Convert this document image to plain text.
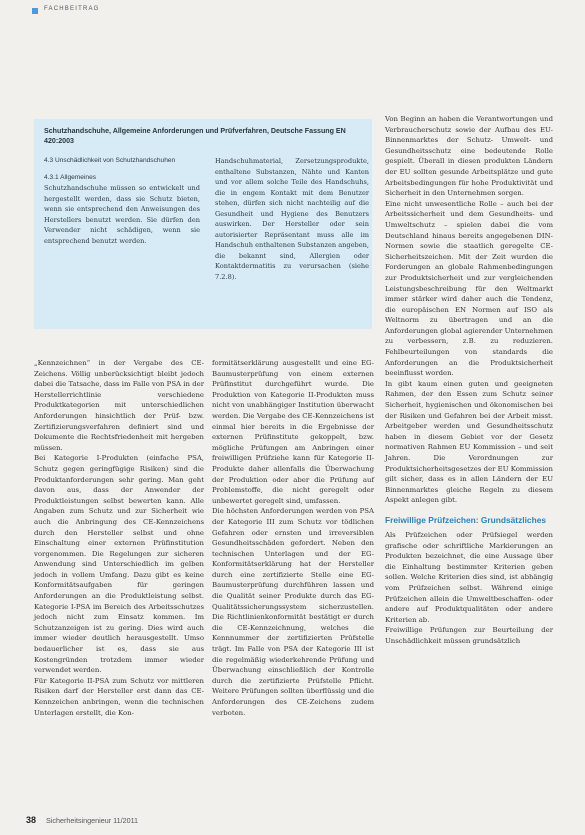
FACHBEITRAG
Schutzhandschuhe, Allgemeine Anforderungen und Prüfverfahren, Deutsche Fassung EN 420:2003
4.3 Unschädlichkeit von Schutzhandschuhen
4.3.1 Allgemeines

Schutzhandschuhe müssen so entwickelt und hergestellt werden, dass sie Schutz bieten, wenn sie entsprechend den Anweisungen des Herstellers benutzt werden. Sie dürfen den Verwender nicht schädigen, wenn sie entsprechend benutzt werden.

Handschuhmaterial, Zersetzungsprodukte, enthaltene Substanzen, Nähte und Kanten und vor allem solche Teile des Handschuhs, die in engem Kontakt mit dem Benutzer stehen, dürfen sich nicht nachteilig auf die Gesundheit und Hygiene des Benutzers auswirken. Der Hersteller oder sein autorisierter Repräsentant muss alle im Handschuh enthaltenen Substanzen angeben, die bekannt sind, Allergien oder Kontaktdermatitis zu verursachen (siehe 7.2.8).

„Kennzeichnen“ in der Vergabe des CE-Zeichens. Völlig unberücksichtigt bleibt jedoch dabei die Tatsache, dass im Falle von PSA in der Herstellerrichtlinie verschiedene Produktkategorien mit unterschiedlichen Anforderungen hinsichtlich der Prüf- bzw. Zertifizierungsverfahren definiert sind und Dokumente die Rechtsfriedenheit mit hergeben müssen.

Bei Kategorie I-Produkten (einfache PSA, Schutz gegen geringfügige Risiken) sind die Produktanforderungen sehr gering. Man geht davon aus, dass der Anwender der Produktleistungen selbst bewerten kann. Alle Angaben zum Schutz und zur Sicherheit wie auch die Anbringung des CE-Kennzeichens durch den Hersteller selbst und ohne Einschaltung einer externen Prüfinstitution vorgenommen. Die Regelungen zur sicheren Anwendung sind Unterschiedlich im gelben jedoch in vollem Umfang. Dazu gibt es keine Konformitätsaufgaben für geringen Anforderungen an die Produktleistung selbst. Kategorie I-PSA im Bereich des Arbeitsschutzes jedoch nicht zum Einsatz kommen. Im Schutzanzeigen ist zu gering. Dies wird auch immer wieder deutlich herausgestellt. Umso bedauerlicher ist es, dass sie aus Kostengründen trotzdem immer wieder verwendet werden.

Für Kategorie II-PSA zum Schutz vor mittleren Risiken darf der Hersteller erst dann das CE-Kennzeichen anbringen, wenn die technischen Unterlagen erstellt, die Kon-

formitätserklärung ausgestellt und eine EG-Baumusterprüfung von einem externen Prüfinstitut durchgeführt wurde. Die Produktion von Kategorie II-Produkten muss nicht von unabhängiger Institution überwacht werden. Die Vergabe des CE-Kennzeichens ist einmal hier bereits in die Ergebnisse der externen Prüfinstitute gekoppelt, bzw. mögliche Prüfungen am Anbringen einer freiwilligen Prüfziehe kann für Kategorie II-Produkte daher allenfalls die Überwachung der Produktion oder aber die Prüfung auf Problemstoffe, die nicht geregelt oder unbewertet geregelt sind, umfassen.

Die höchsten Anforderungen werden von PSA der Kategorie III zum Schutz vor tödlichen Gefahren oder ernsten und irreversiblen Gesundheitsschäden gefordert. Neben den technischen Unterlagen und der EG-Konformitätserklärung hat der Hersteller durch eine zertifizierte Stelle eine EG-Baumusterprüfung durchführen lassen und die Qualität seiner Produkte durch das EG-Qualitätssicherungssystem sicherzustellen. Die Richtlinienkonformität bestätigt er durch die CE-Kennzeichnung, welches die Kennnummer der zertifizierten Prüfstelle trägt. Im Falle von PSA der Kategorie III ist die regelmäßig wiederkehrende Prüfung und Überwachung einschließlich der Kontrolle durch die zertifizierte Prüfstelle Pflicht. Weitere Prüfungen sollten überflüssig und die Anforderungen des CE-Zeichens zudem verboten.

Von Beginn an haben die Verantwortungen und Verbraucherschutz sowie der Aufbau des EU-Binnenmarktes der Schutz- Umwelt- und Gesundheitsschutz eine bedeutende Rolle gespielt. Überall in diesen produkten Ländern der EU sollten gesunde Arbeitsplätze und gute Arbeitsbedingungen für hohe Produktivität und Sicherheit in den Unternehmen sorgen.

Eine nicht unwesentliche Rolle – auch bei der Arbeitssicherheit und dem Gesundheits- und Umweltschutz – spielen dabei die vom Deutschland hinaus bereits angegebenen DIN-Normen sowie die staatlich geregelte CE-Sicherheitszeichen. Mit der Zeit wurden die Forderungen an globale Rahmenbedingungen zur Produktsicherheit und zur vergleichenden Leistungsbeschreibung für den Weltmarkt immer stärker wird daher auch die Tendenz, die europäischen EN Normen auf ISO als Weltnorm zu übertragen und an die Anforderungen global agierender Unternehmen zu verbessern, z.B. zu reduzieren. Fehlbeurteilungen von standards die Anforderungen an die Produktsicherheit beeinflusst worden.

In gibt kaum einen guten und geeigneten Rahmen, der den Essen zum Schutz seiner Sicherheit, hygienischen und ökonomischen bei der Risiken und Gefahren bei der Arbeit misst. Arbeitgeber werden und Gesundheitsschutz haben in diesem Gebiet vor der Gesetz normativen Rahmen EU Kommission – und seit Jahren. Die Verordnungen zur Produktsicherheitsgesetzes der EU Kommission gilt sicher, dass es in allen Ländern der EU Binnenmarktes gleiche Regeln zu diesem Aspekt anlegen gibt.

Freiwillige Prüfzeichen: Grundsätzliches

Als Prüfzeichen oder Prüfsiegel werden grafische oder schriftliche Markierungen an Produkten bezeichnet, die eine Aussage über die Einhaltung bestimmter Kriterien geben sollen. Welche Kriterien dies sind, ist abhängig vom Prüfzeichen selbst. Während einige Prüfzeichen allein die Umweltbeschaffen- oder andere auf Produktqualitäten oder andere Kriterien ab.

Freiwillige Prüfungen zur Beurteilung der Unschädlichkeit müssen grundsätzlich

38 Sicherheitsingenieur 11/2011
